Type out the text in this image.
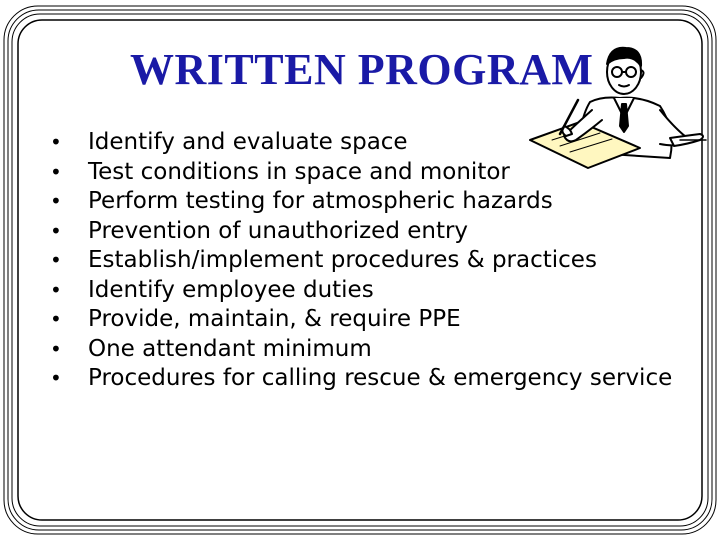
WRITTEN PROGRAM
•	Identify and evaluate space
•	Test conditions in space and monitor
•	Perform testing for atmospheric hazards
•	Prevention of unauthorized entry
•	Establish/implement procedures & practices
•	Identify employee duties
•	Provide, maintain, & require PPE
•	One attendant minimum
•	Procedures for calling rescue & emergency service
